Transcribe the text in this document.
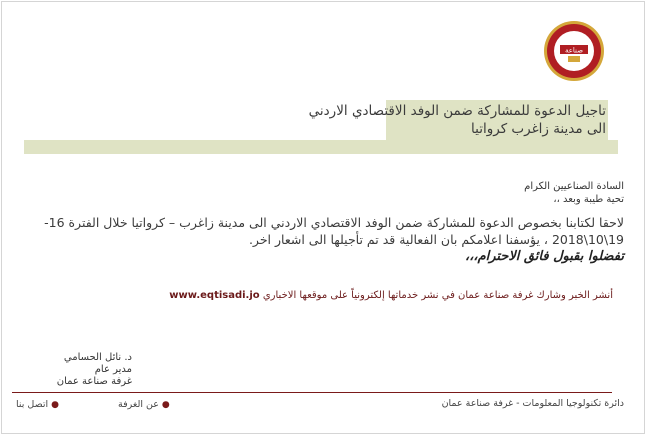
صناعة
تاجيل الدعوة للمشاركة ضمن الوفد الاقتصادي الاردني الى مدينة زاغرب كرواتيا
السادة الصناعيين الكرام
تحية طيبة وبعد ،،
لاحقا لكتابنا بخصوص الدعوة للمشاركة ضمن الوفد الاقتصادي الاردني الى مدينة زاغرب – كرواتيا خلال الفترة 16-19\10\2018 ، يؤسفنا اعلامكم بان الفعالية قد تم تأجيلها الى اشعار اخر.
تفضلوا بقبول فائق الاحترام،،،
أنشر الخبر وشارك غرفة صناعة عمان في نشر خدماتها إلكترونياً على موقعها الاخباري www.eqtisadi.jo
د. نائل الحسامي
مدير عام
غرفة صناعة عمان
دائرة تكنولوجيا المعلومات - غرفة صناعة عمان
●عن الغرفة
●اتصل بنا
